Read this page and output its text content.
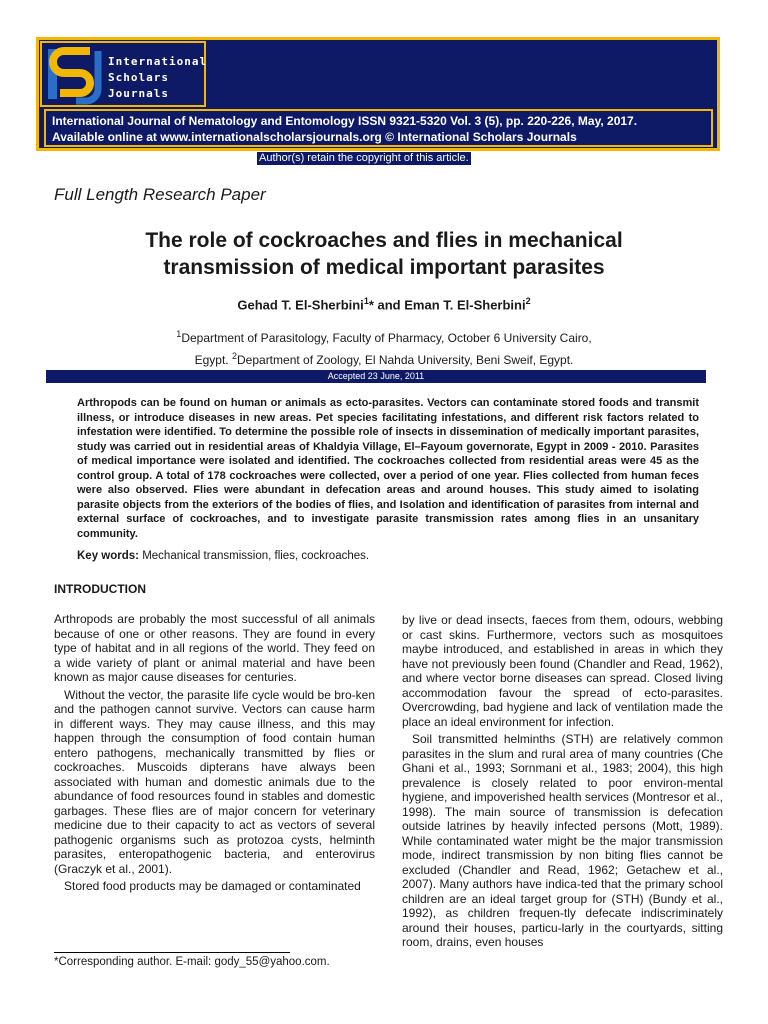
International
Scholars
Journals
International Journal of Nematology and Entomology ISSN 9321-5320 Vol. 3 (5), pp. 220-226, May, 2017.
Available online at www.internationalscholarsjournals.org © International Scholars Journals
Author(s) retain the copyright of this article.
Full Length Research Paper
The role of cockroaches and flies in mechanical
transmission of medical important parasites
Gehad T. El-Sherbini$^1$* and Eman T. El-Sherbini$^2$
$^1$Department of Parasitology, Faculty of Pharmacy, October 6 University Cairo,
Egypt. $^2$Department of Zoology, El Nahda University, Beni Sweif, Egypt.
Accepted 23 June, 2011

Arthropods can be found on human or animals as ecto-parasites. Vectors can contaminate stored foods and transmit illness, or introduce diseases in new areas. Pet species facilitating infestations, and different risk factors related to infestation were identified. To determine the possible role of insects in dissemination of medically important parasites, study was carried out in residential areas of Khaldyia Village, El–Fayoum governorate, Egypt in 2009 - 2010. Parasites of medical importance were isolated and identified. The cockroaches collected from residential areas were 45 as the control group. A total of 178 cockroaches were collected, over a period of one year. Flies collected from human feces were also observed. Flies were abundant in defecation areas and around houses. This study aimed to isolating parasite objects from the exteriors of the bodies of flies, and Isolation and identification of parasites from internal and external surface of cockroaches, and to investigate parasite transmission rates among flies in an unsanitary community.

Key words: Mechanical transmission, flies, cockroaches.
INTRODUCTION

Arthropods are probably the most successful of all animals because of one or other reasons. They are found in every type of habitat and in all regions of the world. They feed on a wide variety of plant or animal material and have been known as major cause diseases for centuries.

Without the vector, the parasite life cycle would be bro-ken and the pathogen cannot survive. Vectors can cause harm in different ways. They may cause illness, and this may happen through the consumption of food contain human entero pathogens, mechanically transmitted by flies or cockroaches. Muscoids dipterans have always been associated with human and domestic animals due to the abundance of food resources found in stables and domestic garbages. These flies are of major concern for veterinary medicine due to their capacity to act as vectors of several pathogenic organisms such as protozoa cysts, helminth parasites, enteropathogenic bacteria, and enterovirus (Graczyk et al., 2001).

Stored food products may be damaged or contaminated

by live or dead insects, faeces from them, odours, webbing or cast skins. Furthermore, vectors such as mosquitoes maybe introduced, and established in areas in which they have not previously been found (Chandler and Read, 1962), and where vector borne diseases can spread. Closed living accommodation favour the spread of ecto-parasites. Overcrowding, bad hygiene and lack of ventilation made the place an ideal environment for infection.

Soil transmitted helminths (STH) are relatively common parasites in the slum and rural area of many countries (Che Ghani et al., 1993; Sornmani et al., 1983; 2004), this high prevalence is closely related to poor environ-mental hygiene, and impoverished health services (Montresor et al., 1998). The main source of transmission is defecation outside latrines by heavily infected persons (Mott, 1989). While contaminated water might be the major transmission mode, indirect transmission by non biting flies cannot be excluded (Chandler and Read, 1962; Getachew et al., 2007). Many authors have indica-ted that the primary school children are an ideal target group for (STH) (Bundy et al., 1992), as children frequen-tly defecate indiscriminately around their houses, particu-larly in the courtyards, sitting room, drains, even houses

*Corresponding author. E-mail: gody_55@yahoo.com.
